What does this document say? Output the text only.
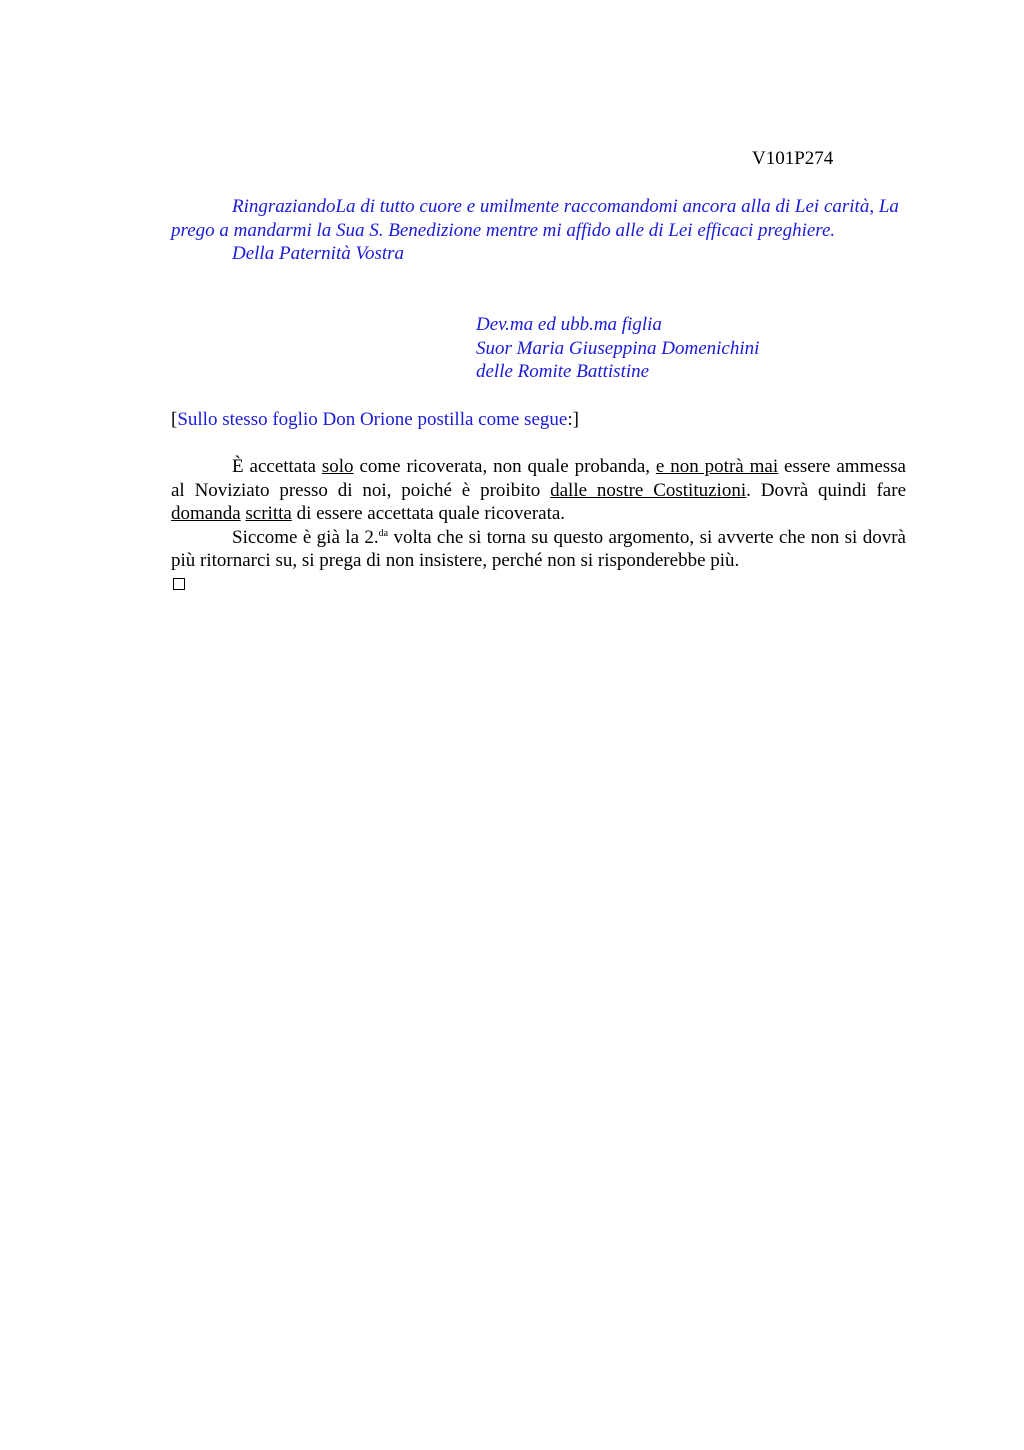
V101P274

RingraziandoLa di tutto cuore e umilmente raccomandomi ancora alla di Lei carità, La prego a mandarmi la Sua S. Benedizione mentre mi affido alle di Lei efficaci preghiere.

Della Paternità Vostra

Dev.ma ed ubb.ma figlia
Suor Maria Giuseppina Domenichini
delle Romite Battistine
[Sullo stesso foglio Don Orione postilla come segue:]

È accettata solo come ricoverata, non quale probanda, e non potrà mai essere ammessa al Noviziato presso di noi, poiché è proibito dalle nostre Costituzioni. Dovrà quindi fare domanda scritta di essere accettata quale ricoverata.

Siccome è già la 2.$^{da}$ volta che si torna su questo argomento, si avverte che non si dovrà più ritornarci su, si prega di non insistere, perché non si risponderebbe più.
